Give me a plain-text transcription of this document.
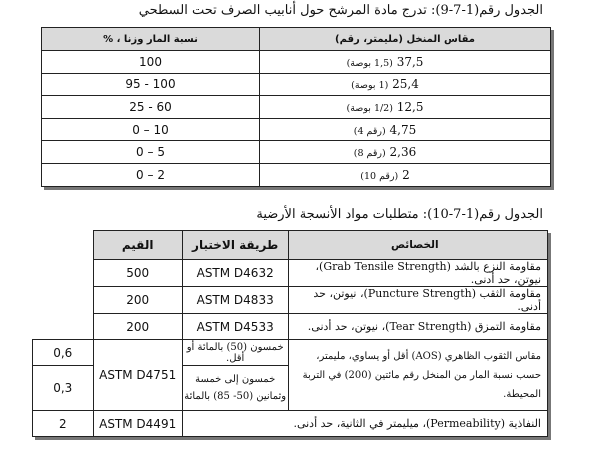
الجدول رقم(1-7-9): تدرج مادة المرشح حول أنابيب الصرف تحت السطحي
مقاس المنخل (مليمتر، رقم)	نسبة المار وزنا ، %
37,5 (1,5 بوصة)	100
25,4 (1 بوصة)	100 - 95
12,5 (1/2 بوصة)	60 - 25
4,75 (رقم 4)	10 – 0
2,36 (رقم 8)	5 – 0
2 (رقم 10)	2 – 0
الجدول رقم(1-7-10): متطلبات مواد الأنسجة الأرضية
الخصائص	طريقة الاختبار	القيم	
مقاومة النزع بالشد (Grab Tensile Strength)، نيوتن، حد أدنى.	ASTM D4632	500	
مقاومة الثقب (Puncture Strength)، نيوتن، حد أدنى.	ASTM D4833	200	
مقاومة التمزق (Tear Strength)، نيوتن، حد أدنى.	ASTM D4533	200	
مقاس الثقوب الظاهري (AOS) أقل أو يساوي، مليمتر، حسب نسبة المار من المنخل رقم مائتين (200) في التربة المحيطة.	خمسون (50) بالمائة أو أقل.	ASTM D4751	0,6
	خمسون إلى خمسة وثمانين (50- 85) بالمائة		0,3
النفاذية (Permeability)، ميليمتر في الثانية، حد أدنى.		ASTM D4491	2
